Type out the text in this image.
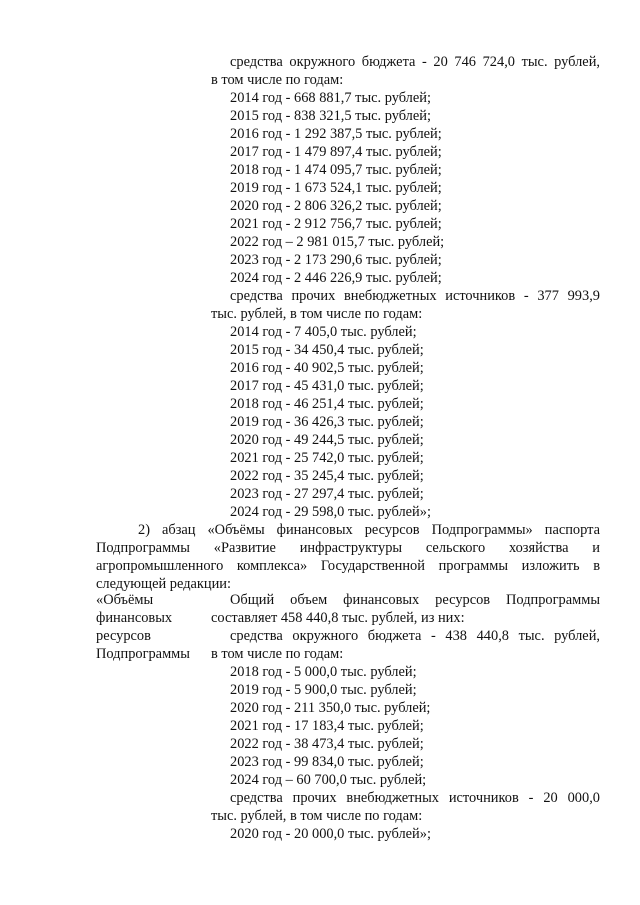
средства окружного бюджета - 20 746 724,0 тыс. рублей,
в том числе по годам:
2014 год - 668 881,7 тыс. рублей;
2015 год - 838 321,5 тыс. рублей;
2016 год - 1 292 387,5 тыс. рублей;
2017 год - 1 479 897,4 тыс. рублей;
2018 год - 1 474 095,7 тыс. рублей;
2019 год - 1 673 524,1 тыс. рублей;
2020 год - 2 806 326,2 тыс. рублей;
2021 год - 2 912 756,7 тыс. рублей;
2022 год – 2 981 015,7 тыс. рублей;
2023 год - 2 173 290,6 тыс. рублей;
2024 год - 2 446 226,9 тыс. рублей;
средства прочих внебюджетных источников - 377 993,9
тыс. рублей, в том числе по годам:
2014 год - 7 405,0 тыс. рублей;
2015 год - 34 450,4 тыс. рублей;
2016 год - 40 902,5 тыс. рублей;
2017 год - 45 431,0 тыс. рублей;
2018 год - 46 251,4 тыс. рублей;
2019 год - 36 426,3 тыс. рублей;
2020 год - 49 244,5 тыс. рублей;
2021 год - 25 742,0 тыс. рублей;
2022 год - 35 245,4 тыс. рублей;
2023 год - 27 297,4 тыс. рублей;
2024 год - 29 598,0 тыс. рублей»;
2) абзац «Объёмы финансовых ресурсов Подпрограммы» паспорта
Подпрограммы «Развитие инфраструктуры сельского хозяйства и
агропромышленного комплекса» Государственной программы изложить в
следующей редакции:
«Объёмы
финансовых
ресурсов
Подпрограммы
Общий объем финансовых ресурсов Подпрограммы
составляет 458 440,8 тыс. рублей, из них:
средства окружного бюджета - 438 440,8 тыс. рублей,
в том числе по годам:
2018 год - 5 000,0 тыс. рублей;
2019 год - 5 900,0 тыс. рублей;
2020 год - 211 350,0 тыс. рублей;
2021 год - 17 183,4 тыс. рублей;
2022 год - 38 473,4 тыс. рублей;
2023 год - 99 834,0 тыс. рублей;
2024 год – 60 700,0 тыс. рублей;
средства прочих внебюджетных источников - 20 000,0
тыс. рублей, в том числе по годам:
2020 год - 20 000,0 тыс. рублей»;
